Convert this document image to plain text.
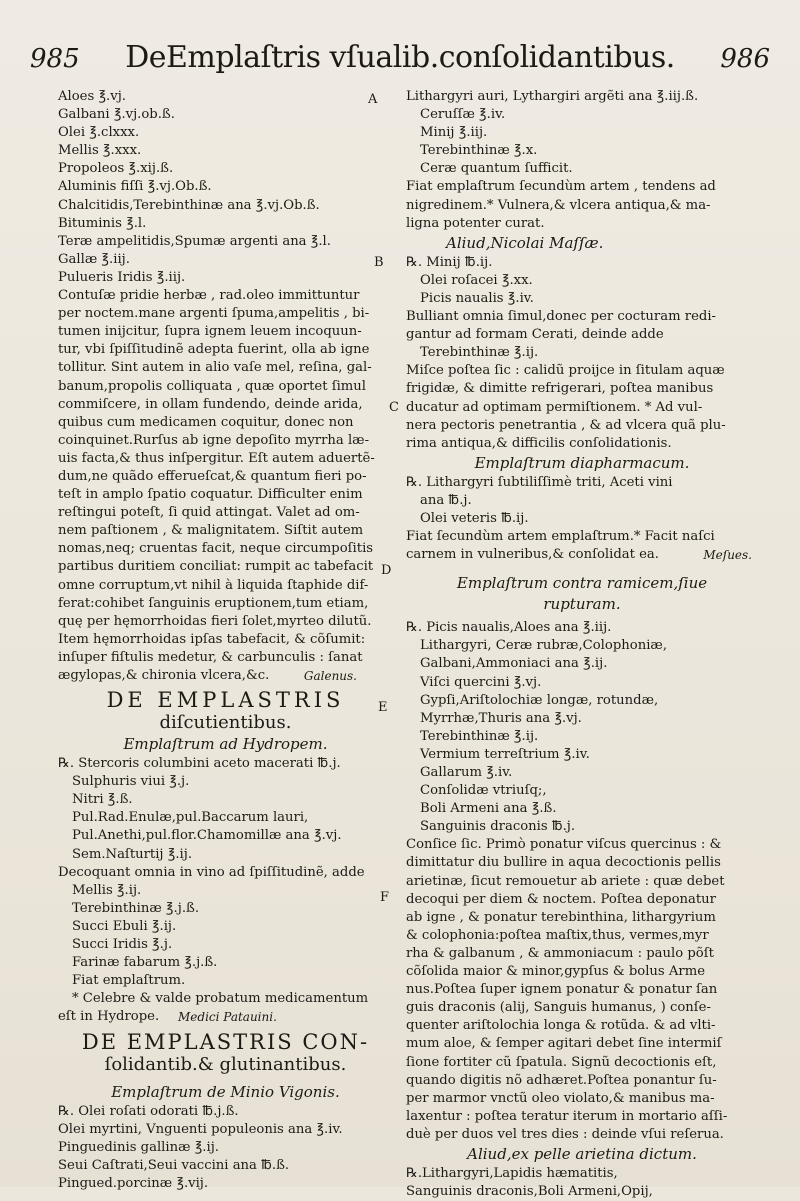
985	DeEmplaſtris vſualib.conſolidantibus.	986
A
B
C
D
E
F
Aloes ℥.vj.
Galbani ℥.vj.ob.ß.
Olei ℥.clxxx.
Mellis ℥.xxx.
Propoleos ℥.xij.ß.
Aluminis fiſſi ℥.vj.Ob.ß.
Chalcitidis,Terebinthinæ ana ℥.vj.Ob.ß.
Bituminis ℥.l.
Teræ ampelitidis,Spumæ argenti ana ℥.l.
Gallæ ℥.iij.
Pulueris Iridis ℥.iij.
Contuſæ pridie herbæ , rad.oleo immittuntur
per noctem.mane argenti ſpuma,ampelitis , bi-
tumen inijcitur, ſupra ignem leuem incoquun-
tur, vbi ſpiſſitudinẽ adepta fuerint, olla ab igne
tollitur. Sint autem in alio vaſe mel, reſina, gal-
banum,propolis colliquata , quæ oportet ſimul
commiſcere, in ollam fundendo, deinde arida,
quibus cum medicamen coquitur, donec non
coinquinet.Rurſus ab igne depoſito myrrha læ-
uis facta,& thus inſpergitur. Eſt autem aduertẽ-
dum,ne quãdo efferueſcat,& quantum fieri po-
teſt in amplo ſpatio coquatur. Difficulter enim
reſtingui poteſt, ſi quid attingat. Valet ad om-
nem paſtionem , & malignitatem. Siſtit autem
nomas,neq; cruentas facit, neque circumpoſitis
partibus duritiem conciliat: rumpit ac tabefacit
omne corruptum,vt nihil à liquida ſtaphide dif-
ferat:cohibet ſanguinis eruptionem,tum etiam,
quę per hęmorrhoidas fieri ſolet,myrteo dilutũ.
Item hęmorrhoidas ipſas tabefacit, & cõſumit:
inſuper fiſtulis medetur, & carbunculis : ſanat
ægylopas,& chironia vlcera,&c.	Galenus.
DE EMPLASTRIS
diſcutientibus.
Emplaſtrum ad Hydropem.
℞. Stercoris columbini aceto macerati ℔.j.
Sulphuris viui ℥.j.
Nitri ℥.ß.
Pul.Rad.Enulæ,pul.Baccarum lauri,
Pul.Anethi,pul.flor.Chamomillæ ana ℥.vj.
Sem.Naſturtij ℥.ij.
Decoquant omnia in vino ad ſpiſſitudinẽ, adde
Mellis ℥.ij.
Terebinthinæ ℥.j.ß.
Succi Ebuli ℥.ij.
Succi Iridis ℥.j.
Farinæ fabarum ℥.j.ß.
Fiat emplaſtrum.
* Celebre & valde probatum medicamentum
eſt in Hydrope.	Medici Patauini.
DE EMPLASTRIS CON-
ſolidantib.& glutinantibus.
Emplaſtrum de Minio Vigonis.
℞. Olei roſati odorati ℔.j.ß.
Olei myrtini, Vnguenti populeonis ana ℥.iv.
Pinguedinis gallinæ ℥.ij.
Seui Caſtrati,Seui vaccini ana ℔.ß.
Pingued.porcinæ ℥.vij.
Lithargyri auri, Lythargiri argẽti ana ℥.iij.ß.
Ceruſſæ ℥.iv.
Minij ℥.iij.
Terebinthinæ ℥.x.
Ceræ quantum ſufficit.
Fiat emplaſtrum ſecundùm artem , tendens ad
nigredinem.* Vulnera,& vlcera antiqua,& ma-
ligna potenter curat.
Aliud,Nicolai Maſſæ.
℞. Minij ℔.ij.
Olei roſacei ℥.xx.
Picis naualis ℥.iv.
Bulliant omnia ſimul,donec per cocturam redi-
gantur ad formam Cerati, deinde adde
Terebinthinæ ℥.ij.
Miſce poſtea ſic : calidũ proijce in ſitulam aquæ
frigidæ, & dimitte refrigerari, poſtea manibus
ducatur ad optimam permiſtionem. * Ad vul-
nera pectoris penetrantia , & ad vlcera quã plu-
rima antiqua,& difficilis conſolidationis.
Emplaſtrum diapharmacum.
℞. Lithargyri ſubtiliſſimè triti, Aceti vini
ana ℔.j.
Olei veteris ℔.ij.
Fiat ſecundùm artem emplaſtrum.* Facit naſci
carnem in vulneribus,& conſolidat ea.	Meſues.
Emplaſtrum contra ramicem,ſiue
rupturam.
℞. Picis naualis,Aloes ana ℥.iij.
Lithargyri, Ceræ rubræ,Colophoniæ,
Galbani,Ammoniaci ana ℥.ij.
Viſci quercini ℥.vj.
Gypſi,Ariſtolochiæ longæ, rotundæ,
Myrrhæ,Thuris ana ℥.vj.
Terebinthinæ ℥.ij.
Vermium terreſtrium ℥.iv.
Gallarum ℥.iv.
Conſolidæ vtriuſq;,
Boli Armeni ana ℥.ß.
Sanguinis draconis ℔.j.
Conſice ſic. Primò ponatur viſcus quercinus : &
dimittatur diu bullire in aqua decoctionis pellis
arietinæ, ſicut remouetur ab ariete : quæ debet
decoqui per diem & noctem. Poſtea deponatur
ab igne , & ponatur terebinthina, lithargyrium
& colophonia:poſtea maſtix,thus, vermes,myr
rha & galbanum , & ammoniacum : paulo põſt
cõſolida maior & minor,gypſus & bolus Arme
nus.Poſtea ſuper ignem ponatur & ponatur ſan
guis draconis (alij, Sanguis humanus, ) conſe-
quenter ariſtolochia longa & rotũda. & ad vlti-
mum aloe, & ſemper agitari debet ſine intermiſ
ſione fortiter cũ ſpatula. Signũ decoctionis eſt,
quando digitis nõ adhæret.Poſtea ponantur ſu-
per marmor vnctũ oleo violato,& manibus ma-
laxentur : poſtea teratur iterum in mortario aſſi-
duè per duos vel tres dies : deinde vſui reſerua.
Aliud,ex pelle arietina dictum.
℞.Lithargyri,Lapidis hæmatitis,
Sanguinis draconis,Boli Armeni,Opij,
